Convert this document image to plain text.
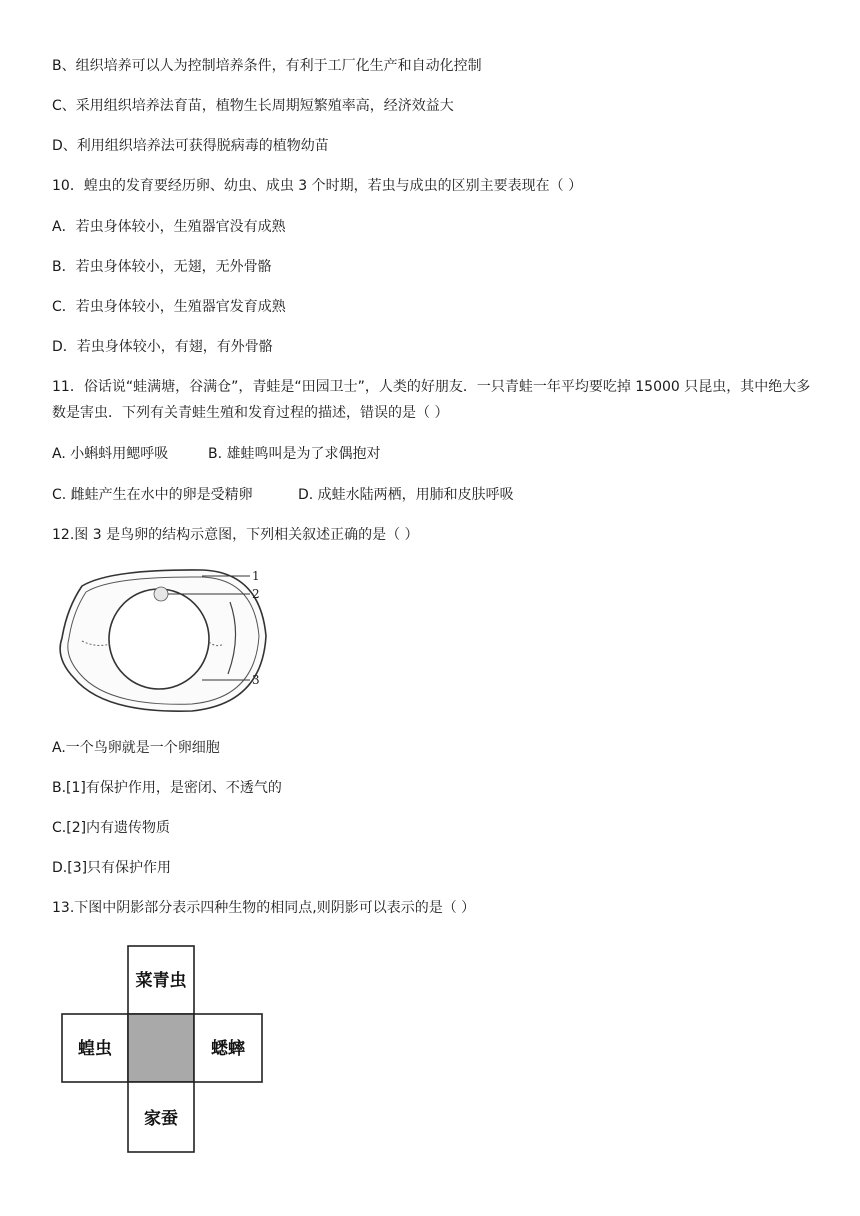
B、组织培养可以人为控制培养条件，有利于工厂化生产和自动化控制
C、采用组织培养法育苗，植物生长周期短繁殖率高，经济效益大
D、利用组织培养法可获得脱病毒的植物幼苗
10．蝗虫的发育要经历卵、幼虫、成虫 3 个时期，若虫与成虫的区别主要表现在（ ）
A．若虫身体较小，生殖器官没有成熟
B．若虫身体较小，无翅，无外骨骼
C．若虫身体较小，生殖器官发育成熟
D．若虫身体较小，有翅，有外骨骼
11．俗话说“蛙满塘，谷满仓”，青蛙是“田园卫士”，人类的好朋友．一只青蛙一年平均要吃掉 15000 只昆虫，其中绝大多数是害虫．下列有关青蛙生殖和发育过程的描述，错误的是（ ）
A. 小蝌蚪用鳃呼吸	B. 雄蛙鸣叫是为了求偶抱对
C. 雌蛙产生在水中的卵是受精卵	D. 成蛙水陆两栖，用肺和皮肤呼吸
12.图 3 是鸟卵的结构示意图，下列相关叙述正确的是（ ）
1
2
3
A.一个鸟卵就是一个卵细胞
B.[1]有保护作用，是密闭、不透气的
C.[2]内有遗传物质
D.[3]只有保护作用
13.下图中阴影部分表示四种生物的相同点,则阴影可以表示的是（ ）
菜青虫
蝗虫	蟋蟀
家蚕
